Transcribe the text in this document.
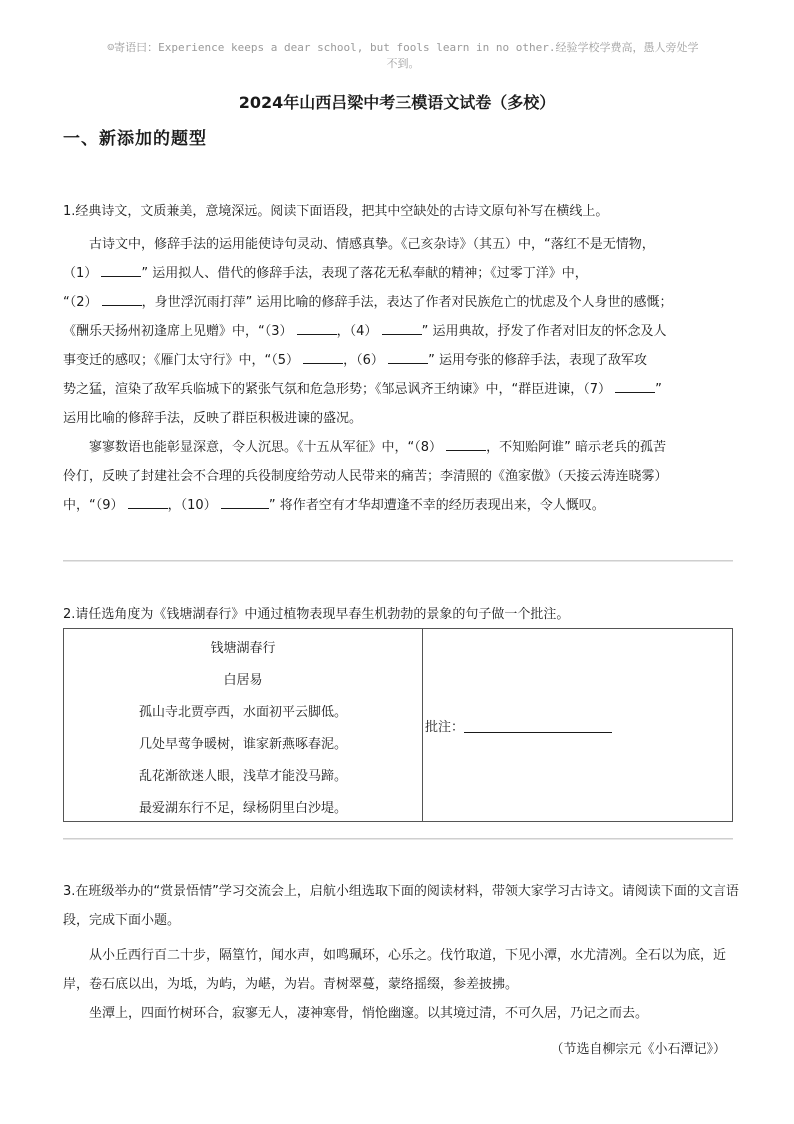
☺寄语曰：Experience keeps a dear school, but fools learn in no other.经验学校学费高，愚人旁处学
不到。
2024年山西吕梁中考三模语文试卷（多校）
一、新添加的题型
1.经典诗文，文质兼美，意境深远。阅读下面语段，把其中空缺处的古诗文原句补写在横线上。

古诗文中，修辞手法的运用能使诗句灵动、情感真挚。《己亥杂诗》（其五）中，“落红不是无情物，
（1）	” 运用拟人、借代的修辞手法，表现了落花无私奉献的精神；《过零丁洋》中，
“（2）	，身世浮沉雨打萍” 运用比喻的修辞手法，表达了作者对民族危亡的忧虑及个人身世的感慨；
《酬乐天扬州初逢席上见赠》中，“（3）	，（4）	” 运用典故，抒发了作者对旧友的怀念及人
事变迁的感叹；《雁门太守行》中，“（5）	，（6）	” 运用夸张的修辞手法，表现了敌军攻
势之猛，渲染了敌军兵临城下的紧张气氛和危急形势；《邹忌讽齐王纳谏》中，“群臣进谏，（7）	”
运用比喻的修辞手法，反映了群臣积极进谏的盛况。

寥寥数语也能彰显深意，令人沉思。《十五从军征》中，“（8）	，不知贻阿谁” 暗示老兵的孤苦
伶仃，反映了封建社会不合理的兵役制度给劳动人民带来的痛苦；李清照的《渔家傲》（天接云涛连晓雾）
中，“（9）	，（10）	” 将作者空有才华却遭逢不幸的经历表现出来，令人慨叹。

2.请任选角度为《钱塘湖春行》中通过植物表现早春生机勃勃的景象的句子做一个批注。
钱塘湖春行
白居易
孤山寺北贾亭西，水面初平云脚低。
几处早莺争暖树，谁家新燕啄春泥。
乱花渐欲迷人眼，浅草才能没马蹄。
最爱湖东行不足，绿杨阴里白沙堤。
批注：
3.在班级举办的“赏景悟情”学习交流会上，启航小组选取下面的阅读材料，带领大家学习古诗文。请阅读下面的文言语段，完成下面小题。

从小丘西行百二十步，隔篁竹，闻水声，如鸣珮环，心乐之。伐竹取道，下见小潭，水尤清冽。全石以为底，近岸，卷石底以出，为坻，为屿，为嵁，为岩。青树翠蔓，蒙络摇缀，参差披拂。

坐潭上，四面竹树环合，寂寥无人，凄神寒骨，悄怆幽邃。以其境过清，不可久居，乃记之而去。

（节选自柳宗元《小石潭记》）
